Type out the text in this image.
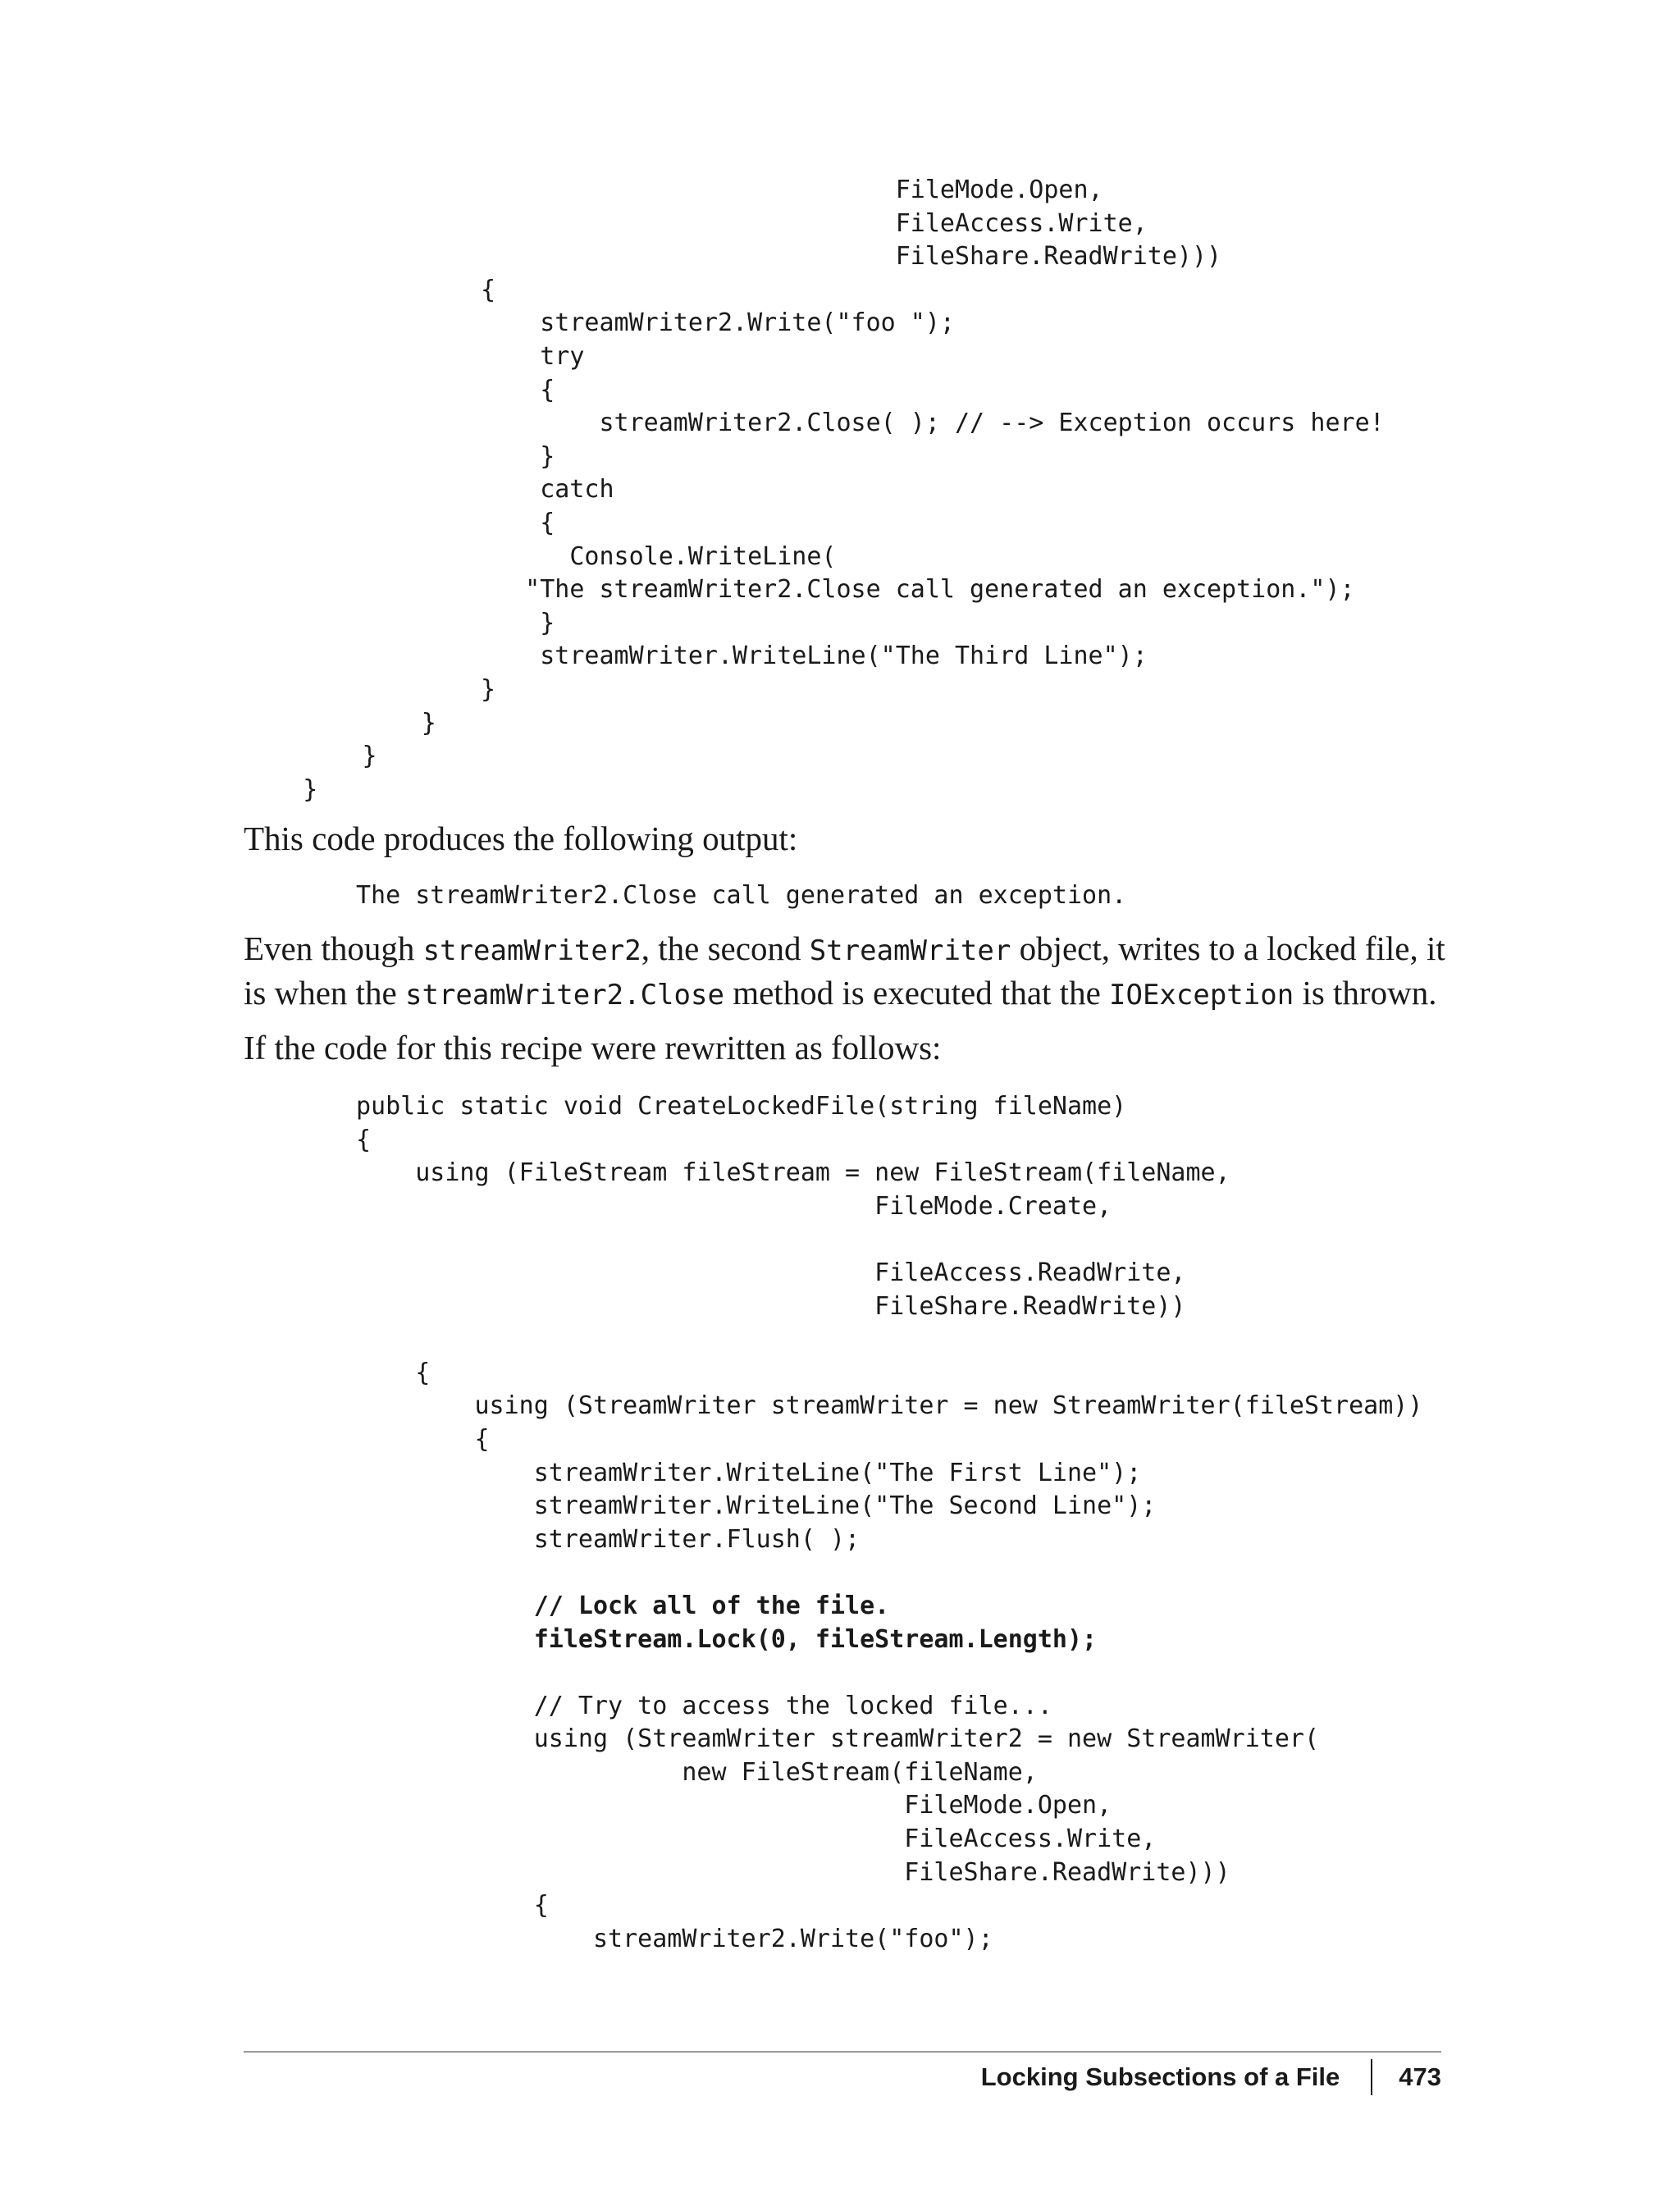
FileMode.Open,
FileAccess.Write,
FileShare.ReadWrite)))
{
streamWriter2.Write("foo ");
try
{
streamWriter2.Close( ); // --> Exception occurs here!
}
catch
{
Console.WriteLine(
"The streamWriter2.Close call generated an exception.");
}
streamWriter.WriteLine("The Third Line");
}
}
}
}

This code produces the following output:

The streamWriter2.Close call generated an exception.

Even though streamWriter2, the second StreamWriter object, writes to a locked file, it is when the streamWriter2.Close method is executed that the IOException is thrown.

If the code for this recipe were rewritten as follows:

public static void CreateLockedFile(string fileName)
{
using (FileStream fileStream = new FileStream(fileName,
FileMode.Create,

FileAccess.ReadWrite,
FileShare.ReadWrite))

{
using (StreamWriter streamWriter = new StreamWriter(fileStream))
{
streamWriter.WriteLine("The First Line");
streamWriter.WriteLine("The Second Line");
streamWriter.Flush( );

// Lock all of the file.
fileStream.Lock(0, fileStream.Length);

// Try to access the locked file...
using (StreamWriter streamWriter2 = new StreamWriter(
new FileStream(fileName,
FileMode.Open,
FileAccess.Write,
FileShare.ReadWrite)))
{
streamWriter2.Write("foo");
Locking Subsections of a File 473
